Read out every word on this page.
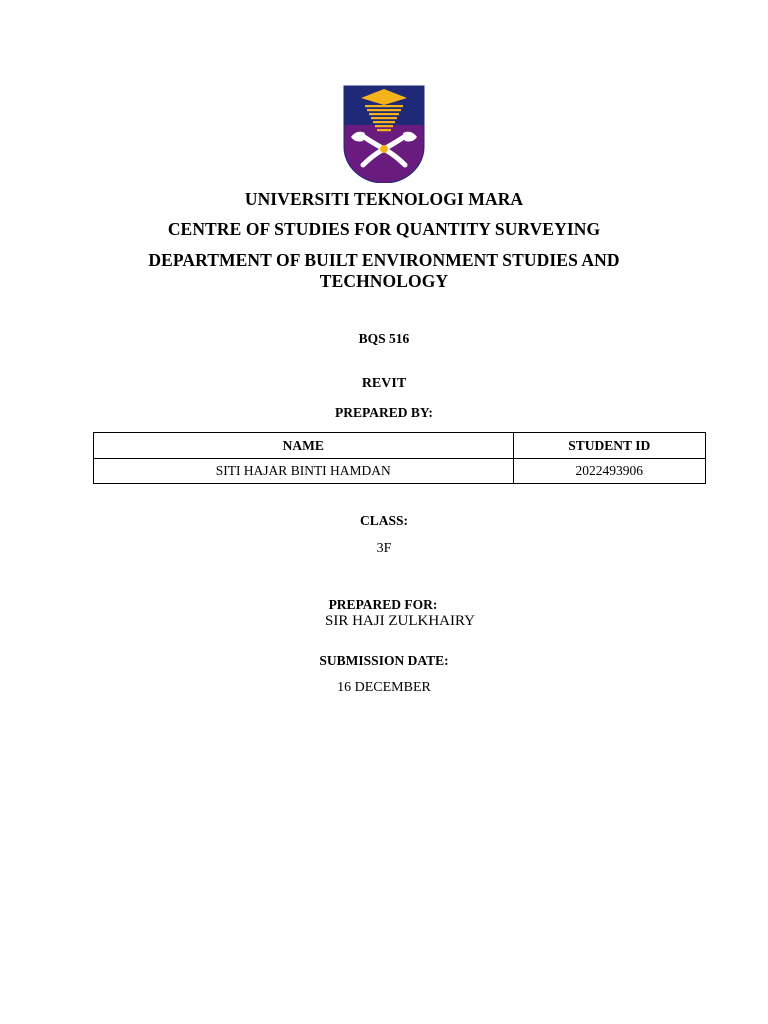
UNIVERSITI TEKNOLOGI MARA
CENTRE OF STUDIES FOR QUANTITY SURVEYING
DEPARTMENT OF BUILT ENVIRONMENT STUDIES AND
TECHNOLOGY
BQS 516
REVIT
PREPARED BY:
NAME	STUDENT ID
SITI HAJAR BINTI HAMDAN	2022493906
CLASS:
3F
PREPARED FOR:
SIR HAJI ZULKHAIRY
SUBMISSION DATE:
16 DECEMBER
